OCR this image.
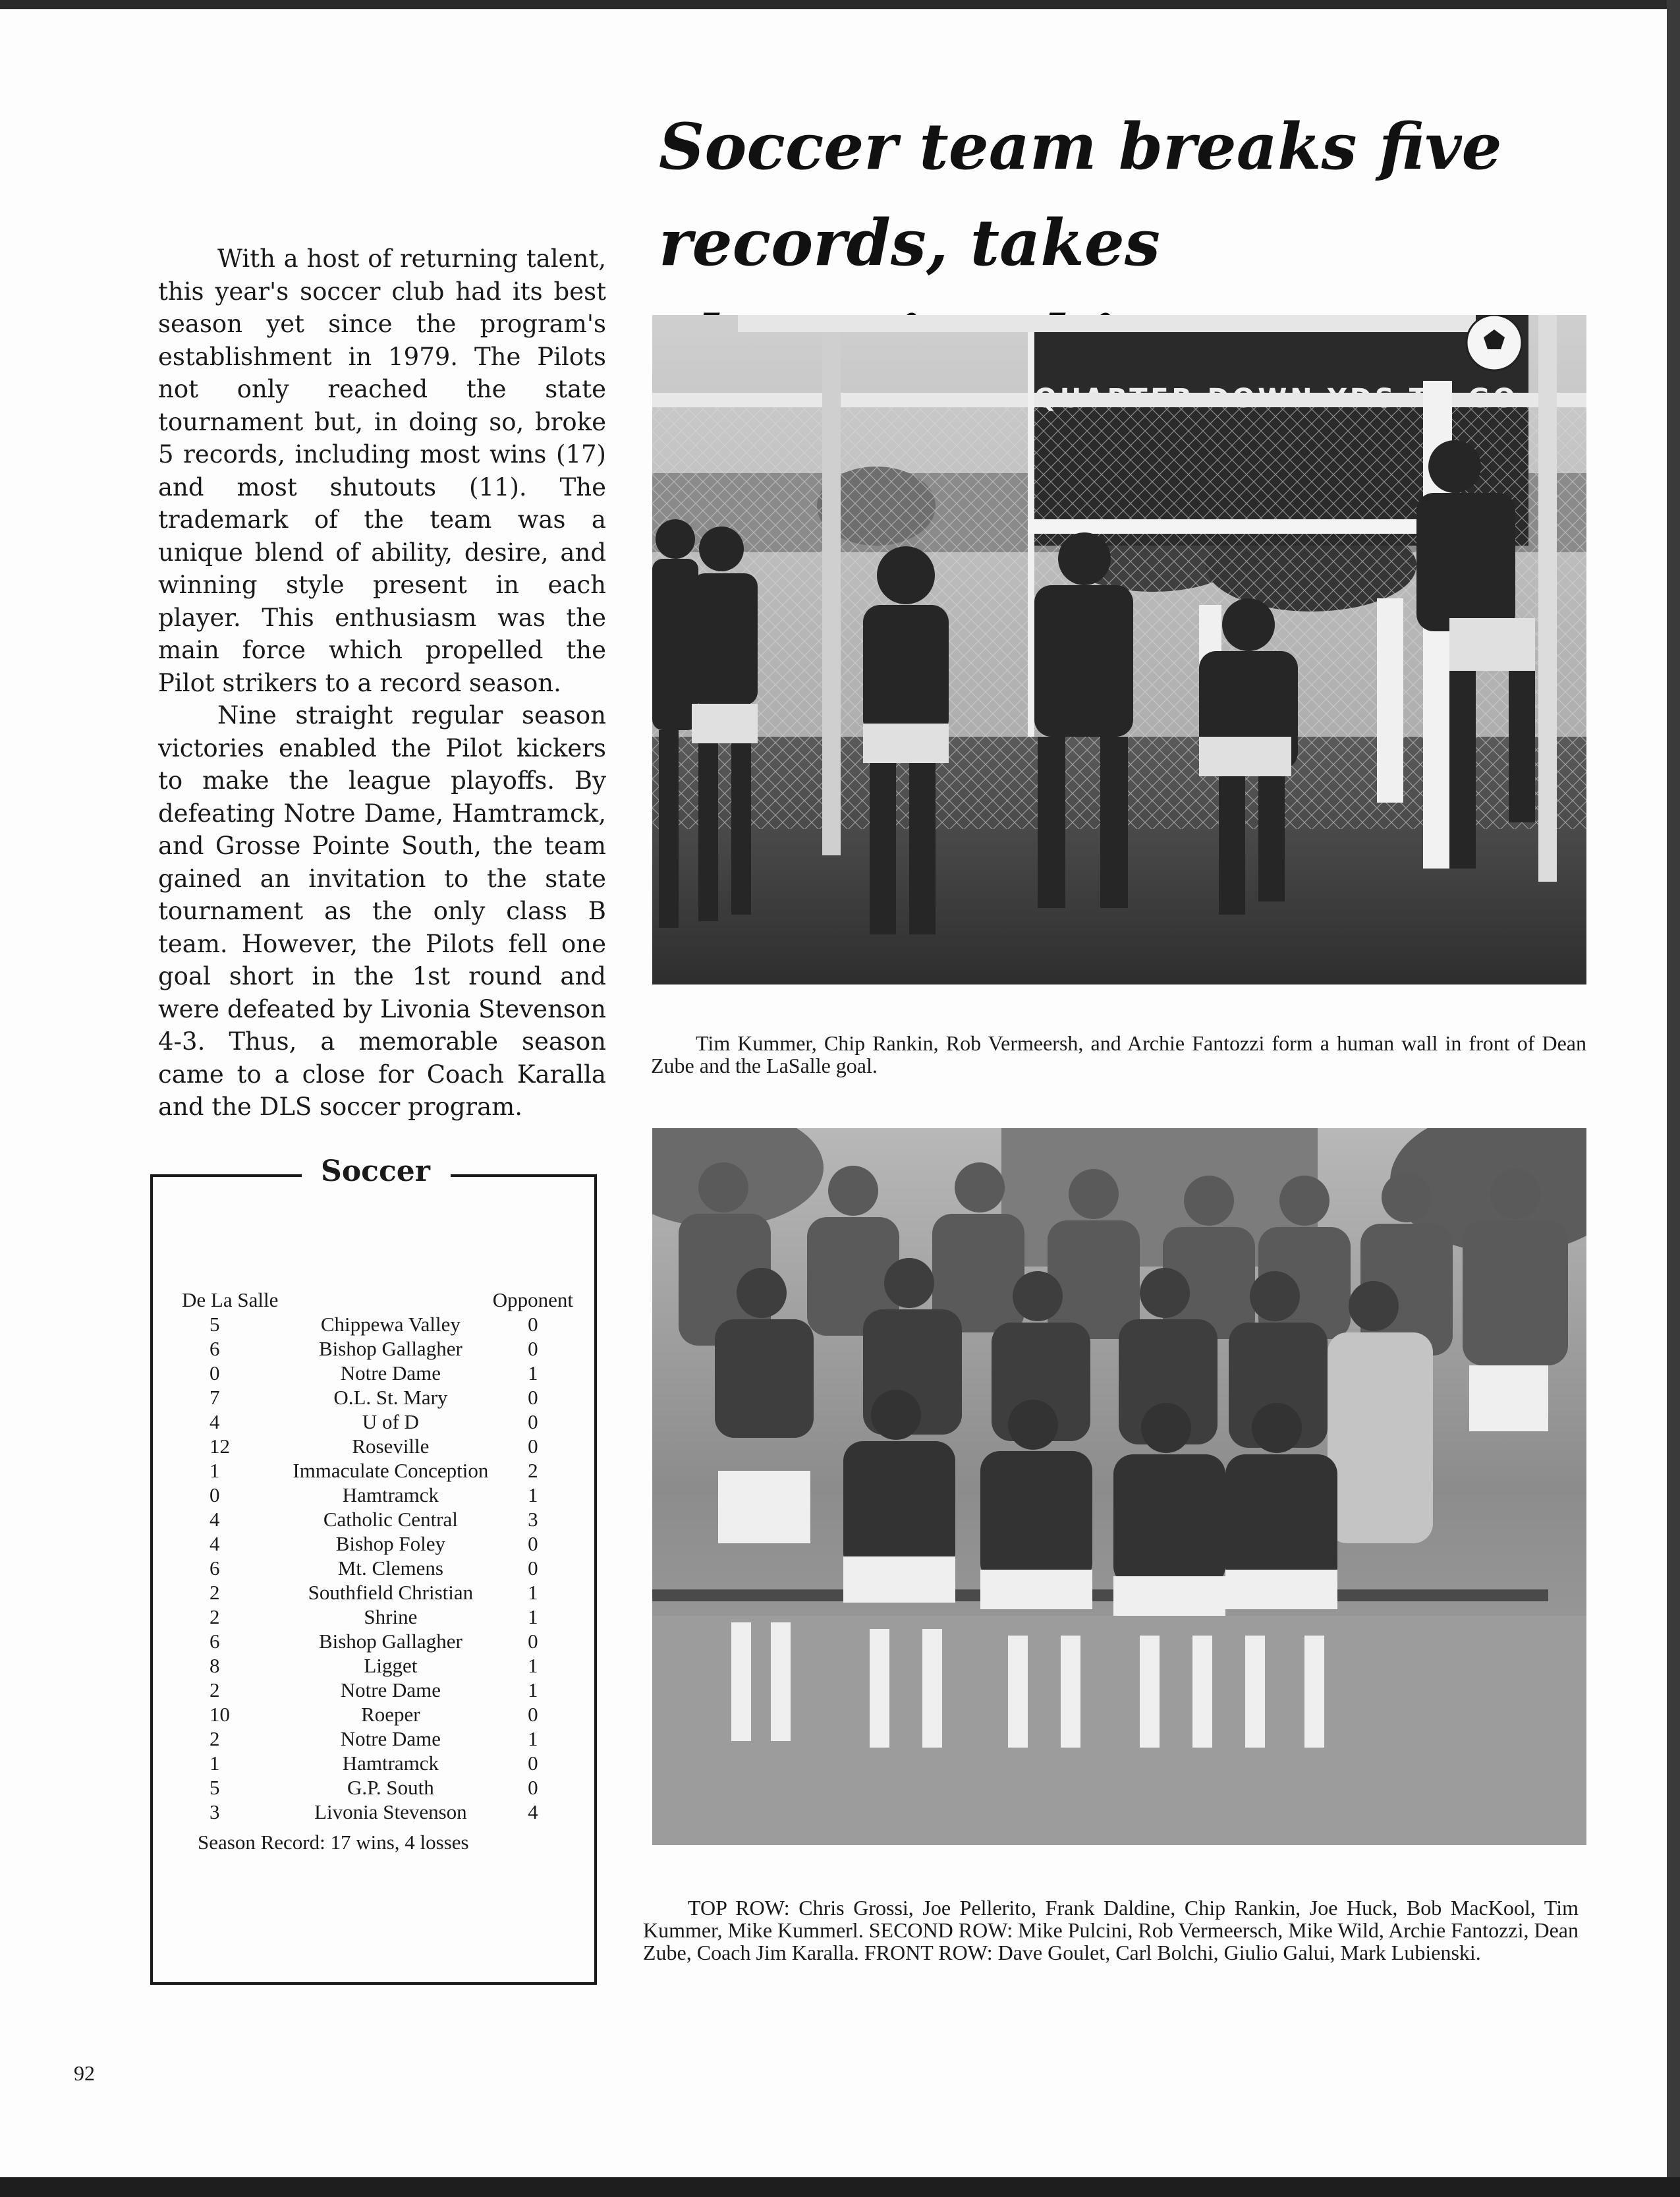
Soccer team breaks five
records, takes

With a host of returning talent, this year's soccer club had its best season yet since the program's establishment in 1979. The Pilots not only reached the state tournament but, in doing so, broke 5 records, including most wins (17) and most shutouts (11). The trademark of the team was a unique blend of ability, desire, and winning style present in each player. This enthusiasm was the main force which propelled the Pilot strikers to a record season.

Nine straight regular season victories enabled the Pilot kickers to make the league playoffs. By defeating Notre Dame, Hamtramck, and Grosse Pointe South, the team gained an invitation to the state tournament as the only class B team. However, the Pilots fell one goal short in the 1st round and were defeated by Livonia Stevenson 4-3. Thus, a memorable season came to a close for Coach Karalla and the DLS soccer program.

Tim Kummer, Chip Rankin, Rob Vermeersh, and Archie Fantozzi form a human wall in front of Dean Zube and the LaSalle goal.

TOP ROW: Chris Grossi, Joe Pellerito, Frank Daldine, Chip Rankin, Joe Huck, Bob MacKool, Tim Kummer, Mike Kummerl. SECOND ROW: Mike Pulcini, Rob Vermeersch, Mike Wild, Archie Fantozzi, Dean Zube, Coach Jim Karalla. FRONT ROW: Dave Goulet, Carl Bolchi, Giulio Galui, Mark Lubienski.

Soccer
De La Salle		Opponent
5	Chippewa Valley	0
6	Bishop Gallagher	0
0	Notre Dame	1
7	O.L. St. Mary	0
4	U of D	0
12	Roseville	0
1	Immaculate Conception	2
0	Hamtramck	1
4	Catholic Central	3
4	Bishop Foley	0
6	Mt. Clemens	0
2	Southfield Christian	1
2	Shrine	1
6	Bishop Gallagher	0
8	Ligget	1
2	Notre Dame	1
10	Roeper	0
2	Notre Dame	1
1	Hamtramck	0
5	G.P. South	0
3	Livonia Stevenson	4

Season Record: 17 wins, 4 losses

92
